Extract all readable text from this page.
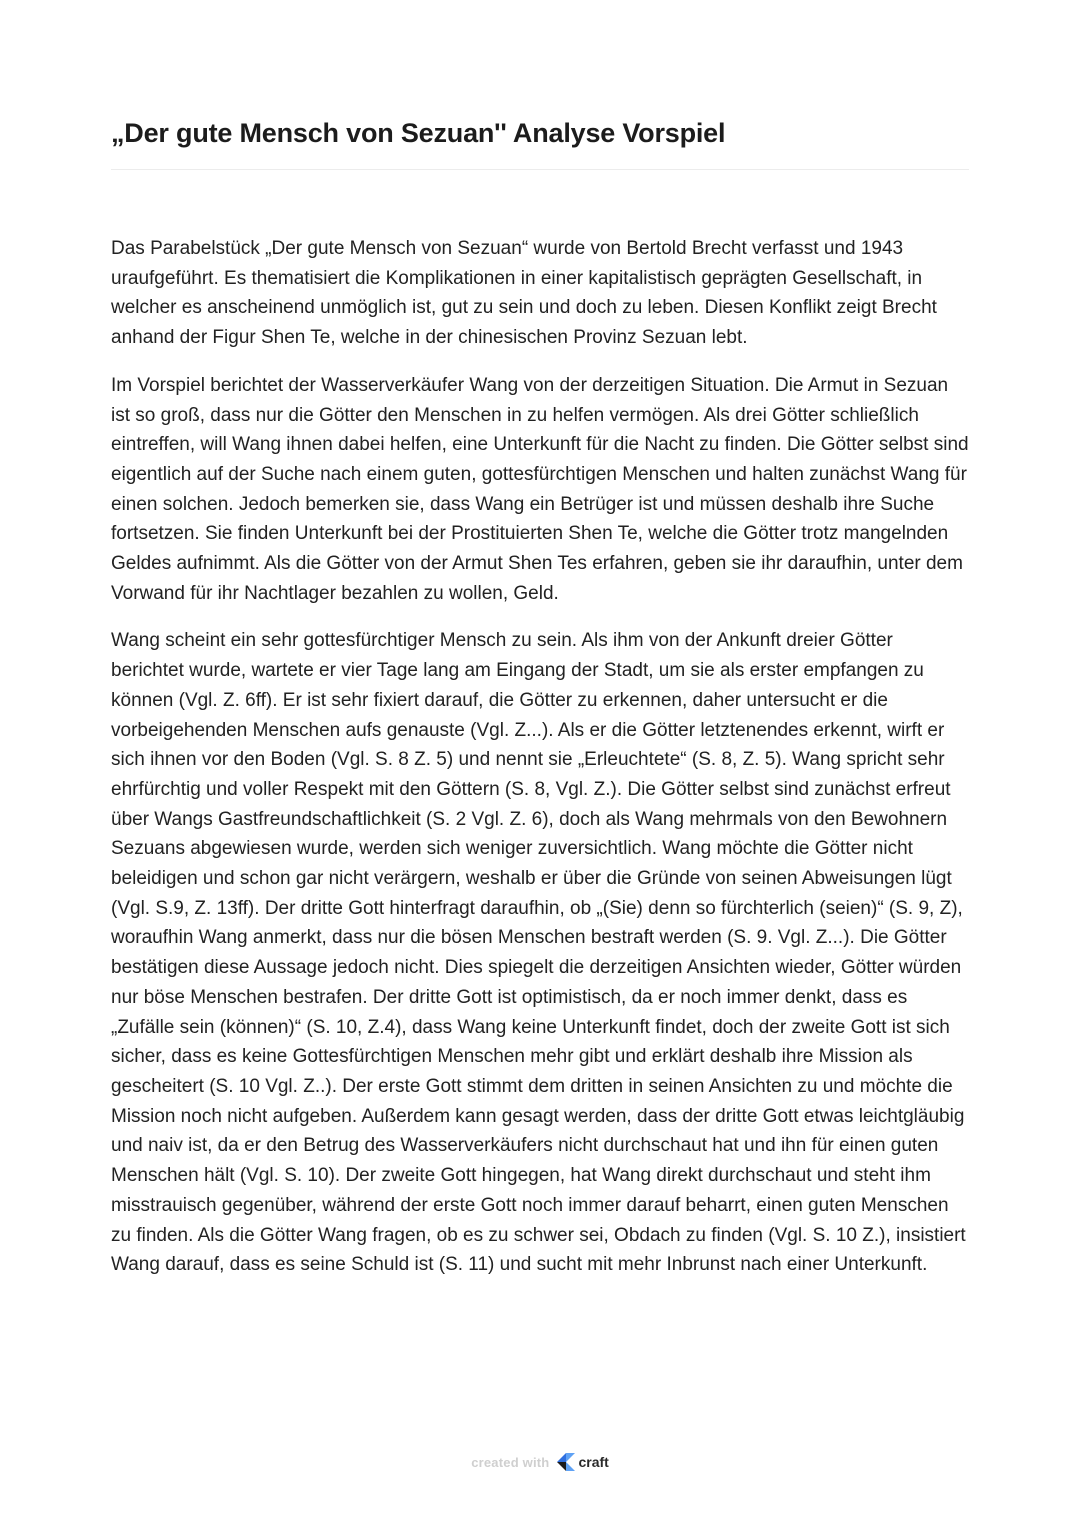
„Der gute Mensch von Sezuan'' Analyse Vorspiel

Das Parabelstück „Der gute Mensch von Sezuan“ wurde von Bertold Brecht verfasst und 1943 uraufgeführt. Es thematisiert die Komplikationen in einer kapitalistisch geprägten Gesellschaft, in welcher es anscheinend unmöglich ist, gut zu sein und doch zu leben. Diesen Konflikt zeigt Brecht anhand der Figur Shen Te, welche in der chinesischen Provinz Sezuan lebt.

Im Vorspiel berichtet der Wasserverkäufer Wang von der derzeitigen Situation. Die Armut in Sezuan ist so groß, dass nur die Götter den Menschen in zu helfen vermögen. Als drei Götter schließlich eintreffen, will Wang ihnen dabei helfen, eine Unterkunft für die Nacht zu finden. Die Götter selbst sind eigentlich auf der Suche nach einem guten, gottesfürchtigen Menschen und halten zunächst Wang für einen solchen. Jedoch bemerken sie, dass Wang ein Betrüger ist und müssen deshalb ihre Suche fortsetzen. Sie finden Unterkunft bei der Prostituierten Shen Te, welche die Götter trotz mangelnden Geldes aufnimmt. Als die Götter von der Armut Shen Tes erfahren, geben sie ihr daraufhin, unter dem Vorwand für ihr Nachtlager bezahlen zu wollen, Geld.

Wang scheint ein sehr gottesfürchtiger Mensch zu sein. Als ihm von der Ankunft dreier Götter berichtet wurde, wartete er vier Tage lang am Eingang der Stadt, um sie als erster empfangen zu können (Vgl. Z. 6ff). Er ist sehr fixiert darauf, die Götter zu erkennen, daher untersucht er die vorbeigehenden Menschen aufs genauste (Vgl. Z...). Als er die Götter letztenendes erkennt, wirft er sich ihnen vor den Boden (Vgl. S. 8 Z. 5) und nennt sie „Erleuchtete“ (S. 8, Z. 5). Wang spricht sehr ehrfürchtig und voller Respekt mit den Göttern (S. 8, Vgl. Z.). Die Götter selbst sind zunächst erfreut über Wangs Gastfreundschaftlichkeit (S. 2 Vgl. Z. 6), doch als Wang mehrmals von den Bewohnern Sezuans abgewiesen wurde, werden sich weniger zuversichtlich. Wang möchte die Götter nicht beleidigen und schon gar nicht verärgern, weshalb er über die Gründe von seinen Abweisungen lügt (Vgl. S.9, Z. 13ff). Der dritte Gott hinterfragt daraufhin, ob „(Sie) denn so fürchterlich (seien)“ (S. 9, Z), woraufhin Wang anmerkt, dass nur die bösen Menschen bestraft werden (S. 9. Vgl. Z...). Die Götter bestätigen diese Aussage jedoch nicht. Dies spiegelt die derzeitigen Ansichten wieder, Götter würden nur böse Menschen bestrafen. Der dritte Gott ist optimistisch, da er noch immer denkt, dass es „Zufälle sein (können)“ (S. 10, Z.4), dass Wang keine Unterkunft findet, doch der zweite Gott ist sich sicher, dass es keine Gottesfürchtigen Menschen mehr gibt und erklärt deshalb ihre Mission als gescheitert (S. 10 Vgl. Z..). Der erste Gott stimmt dem dritten in seinen Ansichten zu und möchte die Mission noch nicht aufgeben. Außerdem kann gesagt werden, dass der dritte Gott etwas leichtgläubig und naiv ist, da er den Betrug des Wasserverkäufers nicht durchschaut hat und ihn für einen guten Menschen hält (Vgl. S. 10). Der zweite Gott hingegen, hat Wang direkt durchschaut und steht ihm misstrauisch gegenüber, während der erste Gott noch immer darauf beharrt, einen guten Menschen zu finden. Als die Götter Wang fragen, ob es zu schwer sei, Obdach zu finden (Vgl. S. 10 Z.), insistiert Wang darauf, dass es seine Schuld ist (S. 11) und sucht mit mehr Inbrunst nach einer Unterkunft.

created with craft
